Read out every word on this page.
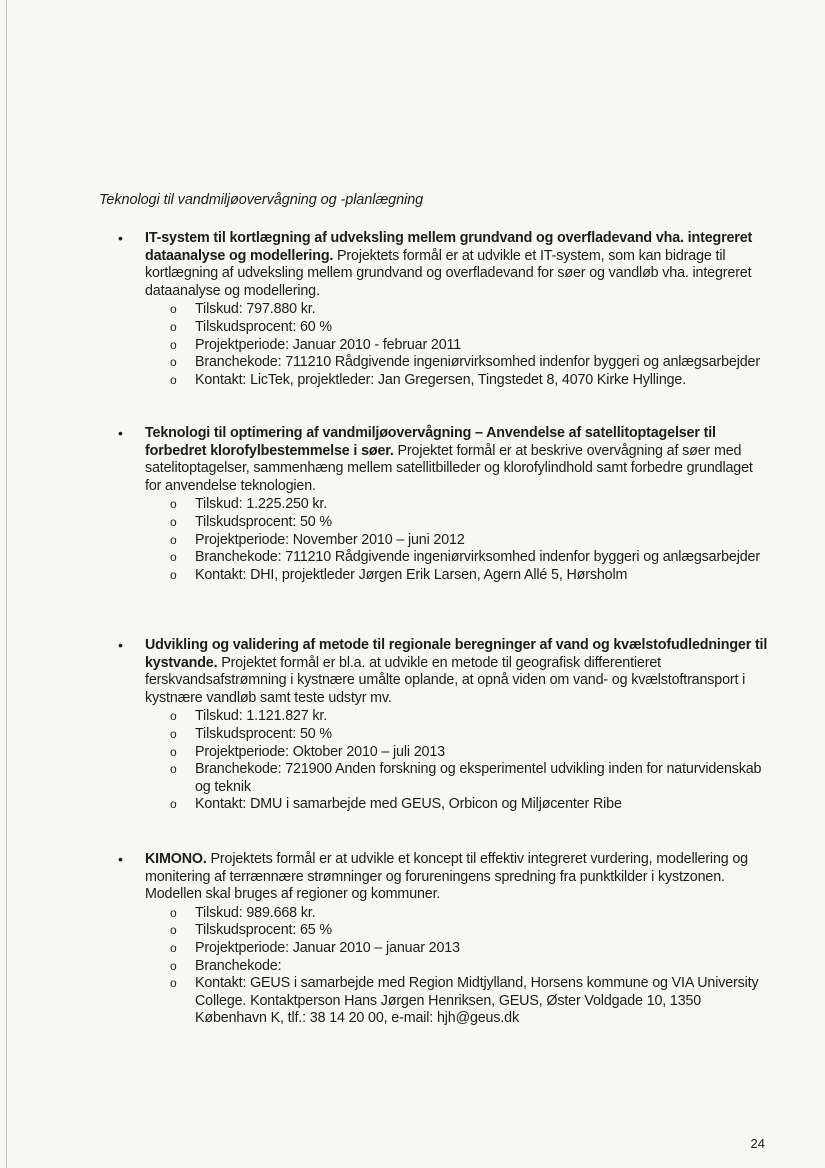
Teknologi til vandmiljøovervågning og -planlægning
• IT-system til kortlægning af udveksling mellem grundvand og overfladevand vha. integreret dataanalyse og modellering. Projektets formål er at udvikle et IT-system, som kan bidrage til kortlægning af udveksling mellem grundvand og overfladevand for søer og vandløb vha. integreret dataanalyse og modellering.
o Tilskud: 797.880 kr.
o Tilskudsprocent: 60 %
o Projektperiode: Januar 2010 - februar 2011
o Branchekode: 711210 Rådgivende ingeniørvirksomhed indenfor byggeri og anlægsarbejder
o Kontakt: LicTek, projektleder: Jan Gregersen, Tingstedet 8, 4070 Kirke Hyllinge.
• Teknologi til optimering af vandmiljøovervågning – Anvendelse af satellitoptagelser til forbedret klorofylbestemmelse i søer. Projektet formål er at beskrive overvågning af søer med satelitoptagelser, sammenhæng mellem satellitbilleder og klorofylindhold samt forbedre grundlaget for anvendelse teknologien.
o Tilskud: 1.225.250 kr.
o Tilskudsprocent: 50 %
o Projektperiode: November 2010 – juni 2012
o Branchekode: 711210 Rådgivende ingeniørvirksomhed indenfor byggeri og anlægsarbejder
o Kontakt: DHI, projektleder Jørgen Erik Larsen, Agern Allé 5, Hørsholm
• Udvikling og validering af metode til regionale beregninger af vand og kvælstofudledninger til kystvande. Projektet formål er bl.a. at udvikle en metode til geografisk differentieret ferskvandsafstrømning i kystnære umålte oplande, at opnå viden om vand- og kvælstoftransport i kystnære vandløb samt teste udstyr mv.
o Tilskud: 1.121.827 kr.
o Tilskudsprocent: 50 %
o Projektperiode: Oktober 2010 – juli 2013
o Branchekode: 721900 Anden forskning og eksperimentel udvikling inden for naturvidenskab og teknik
o Kontakt: DMU i samarbejde med GEUS, Orbicon og Miljøcenter Ribe
• KIMONO. Projektets formål er at udvikle et koncept til effektiv integreret vurdering, modellering og monitering af terrænnære strømninger og forureningens spredning fra punktkilder i kystzonen. Modellen skal bruges af regioner og kommuner.
o Tilskud: 989.668 kr.
o Tilskudsprocent: 65 %
o Projektperiode: Januar 2010 – januar 2013
o Branchekode:
o Kontakt: GEUS i samarbejde med Region Midtjylland, Horsens kommune og VIA University College. Kontaktperson Hans Jørgen Henriksen, GEUS, Øster Voldgade 10, 1350 København K, tlf.: 38 14 20 00, e-mail: hjh@geus.dk
24
